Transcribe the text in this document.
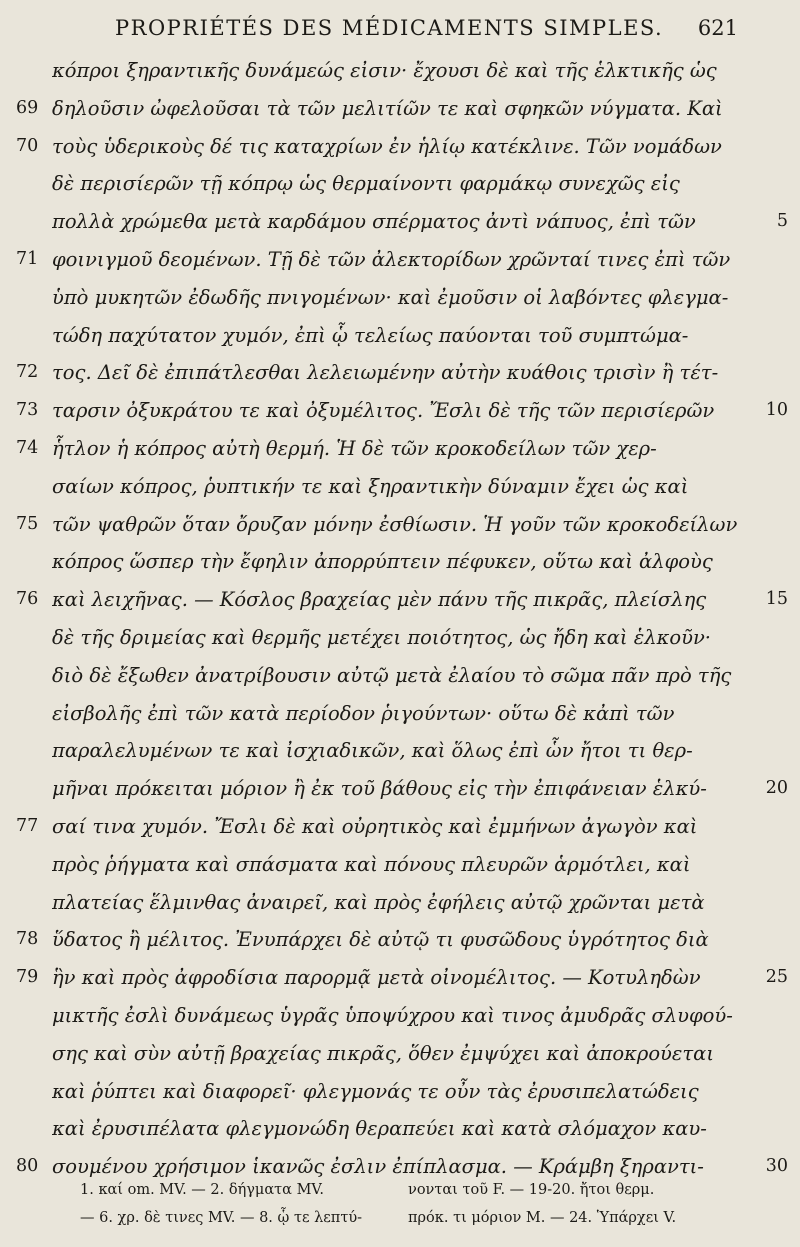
PROPRIÉTÉS DES MÉDICAMENTS SIMPLES. 621
κόπροι ξηραντικῆς δυνάμεώς εἰσιν· ἔχουσι δὲ καὶ τῆς ἑλκτικῆς ὡς
69 δηλοῦσιν ὠφελοῦσαι τὰ τῶν μελιτίῶν τε καὶ σφηκῶν νύγματα. Καὶ
70 τοὺς ὑδερικοὺς δέ τις καταχρίων ἐν ἡλίῳ κατέκλινε. Τῶν νομάδων
δὲ περισίερῶν τῇ κόπρῳ ὡς θερμαίνοντι φαρμάκῳ συνεχῶς εἰς
πολλὰ χρώμεθα μετὰ καρδάμου σπέρματος ἀντὶ νάπυος, ἐπὶ τῶν	5
71 φοινιγμοῦ δεομένων. Τῇ δὲ τῶν ἀλεκτορίδων χρῶνταί τινες ἐπὶ τῶν
ὑπὸ μυκητῶν ἐδωδῆς πνιγομένων· καὶ ἐμοῦσιν οἱ λαβόντες φλεγμα-
τώδη παχύτατον χυμόν, ἐπὶ ᾧ τελείως παύονται τοῦ συμπτώμα-
72 τος. Δεῖ δὲ ἐπιπάτλεσθαι λελειωμένην αὐτὴν κυάθοις τρισὶν ἢ τέτ-
73 ταρσιν ὀξυκράτου τε καὶ ὀξυμέλιτος. Ἔσλι δὲ τῆς τῶν περισίερῶν	10
74 ἧτλον ἡ κόπρος αὐτὴ θερμή. Ἡ δὲ τῶν κροκοδείλων τῶν χερ-
σαίων κόπρος, ῥυπτικήν τε καὶ ξηραντικὴν δύναμιν ἔχει ὡς καὶ
75 τῶν ψαθρῶν ὅταν ὄρυζαν μόνην ἐσθίωσιν. Ἡ γοῦν τῶν κροκοδείλων
κόπρος ὥσπερ τὴν ἔφηλιν ἀπορρύπτειν πέφυκεν, οὕτω καὶ ἀλφοὺς
76 καὶ λειχῆνας. — Κόσλος βραχείας μὲν πάνυ τῆς πικρᾶς, πλείσλης	15
δὲ τῆς δριμείας καὶ θερμῆς μετέχει ποιότητος, ὡς ἤδη καὶ ἑλκοῦν·
διὸ δὲ ἔξωθεν ἀνατρίβουσιν αὐτῷ μετὰ ἐλαίου τὸ σῶμα πᾶν πρὸ τῆς
εἰσβολῆς ἐπὶ τῶν κατὰ περίοδον ῥιγούντων· οὕτω δὲ κἀπὶ τῶν
παραλελυμένων τε καὶ ἰσχιαδικῶν, καὶ ὅλως ἐπὶ ὧν ἤτοι τι θερ-
μῆναι πρόκειται μόριον ἢ ἐκ τοῦ βάθους εἰς τὴν ἐπιφάνειαν ἑλκύ-	20
77 σαί τινα χυμόν. Ἔσλι δὲ καὶ οὐρητικὸς καὶ ἐμμήνων ἀγωγὸν καὶ
πρὸς ῥήγματα καὶ σπάσματα καὶ πόνους πλευρῶν ἁρμότλει, καὶ
πλατείας ἕλμινθας ἀναιρεῖ, καὶ πρὸς ἐφήλεις αὐτῷ χρῶνται μετὰ
78 ὕδατος ἢ μέλιτος. Ἐνυπάρχει δὲ αὐτῷ τι φυσῶδους ὑγρότητος διὰ
79 ἣν καὶ πρὸς ἀφροδίσια παρορμᾷ μετὰ οἰνομέλιτος. — Κοτυληδὼν	25
μικτῆς ἐσλὶ δυνάμεως ὑγρᾶς ὑποψύχρου καὶ τινος ἀμυδρᾶς σλυφού-
σης καὶ σὺν αὐτῇ βραχείας πικρᾶς, ὅθεν ἐμψύχει καὶ ἀποκρούεται
καὶ ῥύπτει καὶ διαφορεῖ· φλεγμονάς τε οὖν τὰς ἐρυσιπελατώδεις
καὶ ἐρυσιπέλατα φλεγμονώδη θεραπεύει καὶ κατὰ σλόμαχον καυ-
80 σουμένου χρήσιμον ἱκανῶς ἐσλιν ἐπίπλασμα. — Κράμβη ξηραντι-	30
1. καί om. MV. — 2. δήγματα MV.	νονται τοῦ F. — 19-20. ἤτοι θερμ.
— 6. χρ. δὲ τινες MV. — 8. ᾧ τε λεπτύ-	πρόκ. τι μόριον M. — 24. Ὑπάρχει V.
